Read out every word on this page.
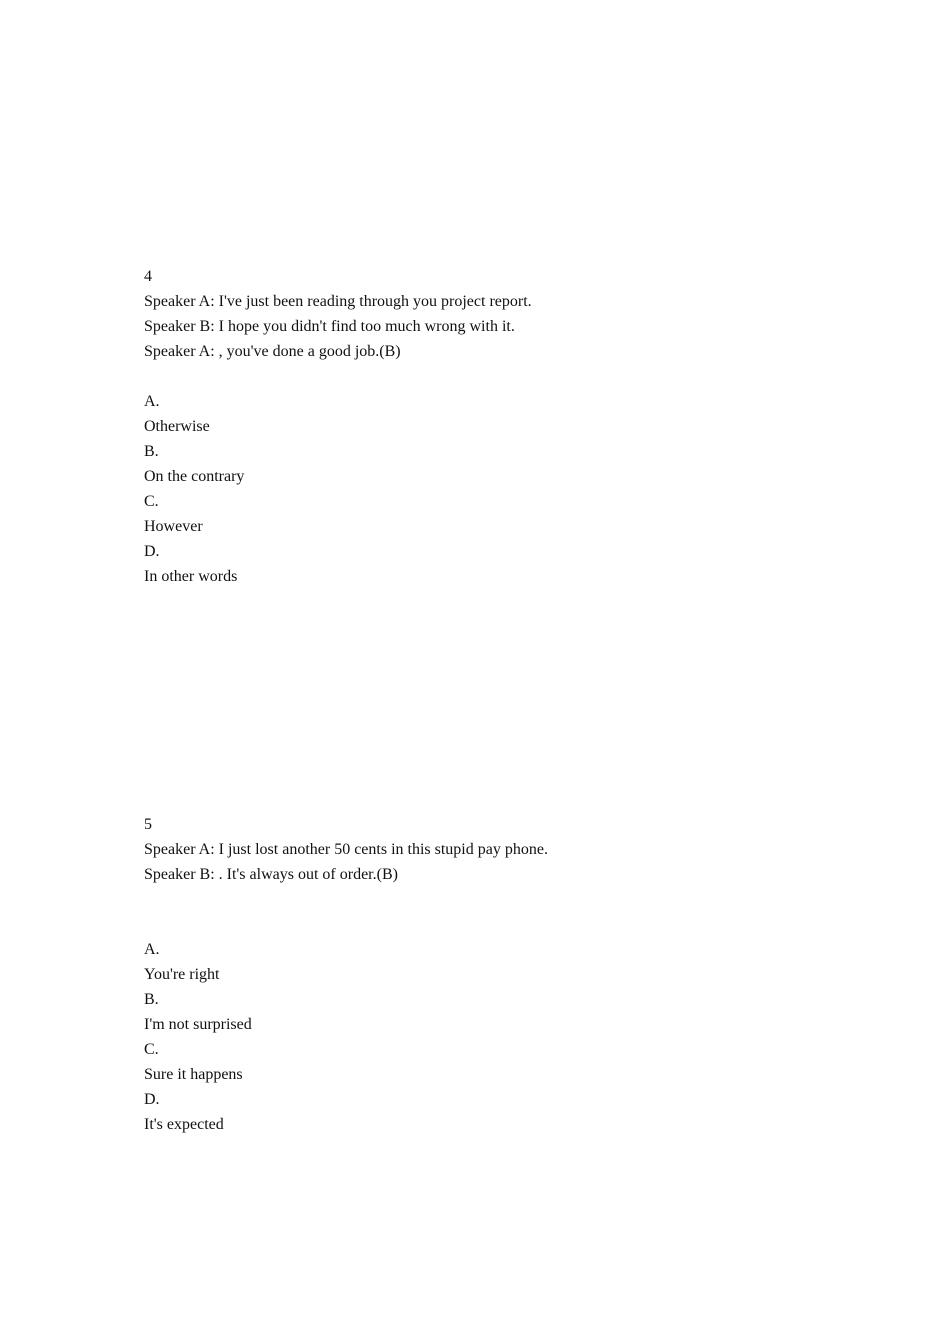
4
Speaker A: I've just been reading through you project report.
Speaker B: I hope you didn't find too much wrong with it.
Speaker A: , you've done a good job.(B)
A.
Otherwise
B.
On the contrary
C.
However
D.
In other words
5
Speaker A: I just lost another 50 cents in this stupid pay phone.
Speaker B: . It's always out of order.(B)
A.
You're right
B.
I'm not surprised
C.
Sure it happens
D.
It's expected
